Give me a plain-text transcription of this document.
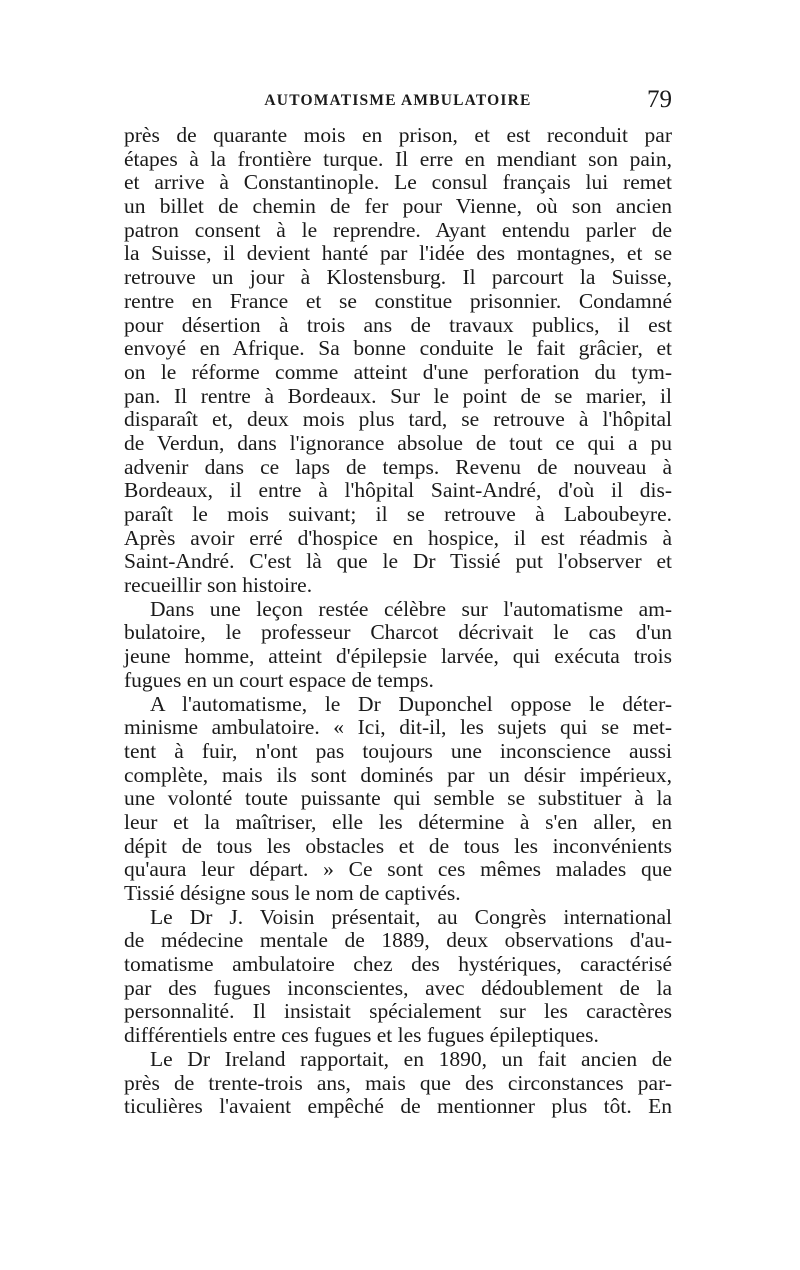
AUTOMATISME AMBULATOIRE	79
près de quarante mois en prison, et est reconduit par
étapes à la frontière turque. Il erre en mendiant son pain,
et arrive à Constantinople. Le consul français lui remet
un billet de chemin de fer pour Vienne, où son ancien
patron consent à le reprendre. Ayant entendu parler de
la Suisse, il devient hanté par l'idée des montagnes, et se
retrouve un jour à Klostensburg. Il parcourt la Suisse,
rentre en France et se constitue prisonnier. Condamné
pour désertion à trois ans de travaux publics, il est
envoyé en Afrique. Sa bonne conduite le fait grâcier, et
on le réforme comme atteint d'une perforation du tym-
pan. Il rentre à Bordeaux. Sur le point de se marier, il
disparaît et, deux mois plus tard, se retrouve à l'hôpital
de Verdun, dans l'ignorance absolue de tout ce qui a pu
advenir dans ce laps de temps. Revenu de nouveau à
Bordeaux, il entre à l'hôpital Saint-André, d'où il dis-
paraît le mois suivant; il se retrouve à Laboubeyre.
Après avoir erré d'hospice en hospice, il est réadmis à
Saint-André. C'est là que le Dr Tissié put l'observer et
recueillir son histoire.
Dans une leçon restée célèbre sur l'automatisme am-
bulatoire, le professeur Charcot décrivait le cas d'un
jeune homme, atteint d'épilepsie larvée, qui exécuta trois
fugues en un court espace de temps.
A l'automatisme, le Dr Duponchel oppose le déter-
minisme ambulatoire. « Ici, dit-il, les sujets qui se met-
tent à fuir, n'ont pas toujours une inconscience aussi
complète, mais ils sont dominés par un désir impérieux,
une volonté toute puissante qui semble se substituer à la
leur et la maîtriser, elle les détermine à s'en aller, en
dépit de tous les obstacles et de tous les inconvénients
qu'aura leur départ. » Ce sont ces mêmes malades que
Tissié désigne sous le nom de captivés.
Le Dr J. Voisin présentait, au Congrès international
de médecine mentale de 1889, deux observations d'au-
tomatisme ambulatoire chez des hystériques, caractérisé
par des fugues inconscientes, avec dédoublement de la
personnalité. Il insistait spécialement sur les caractères
différentiels entre ces fugues et les fugues épileptiques.
Le Dr Ireland rapportait, en 1890, un fait ancien de
près de trente-trois ans, mais que des circonstances par-
ticulières l'avaient empêché de mentionner plus tôt. En
